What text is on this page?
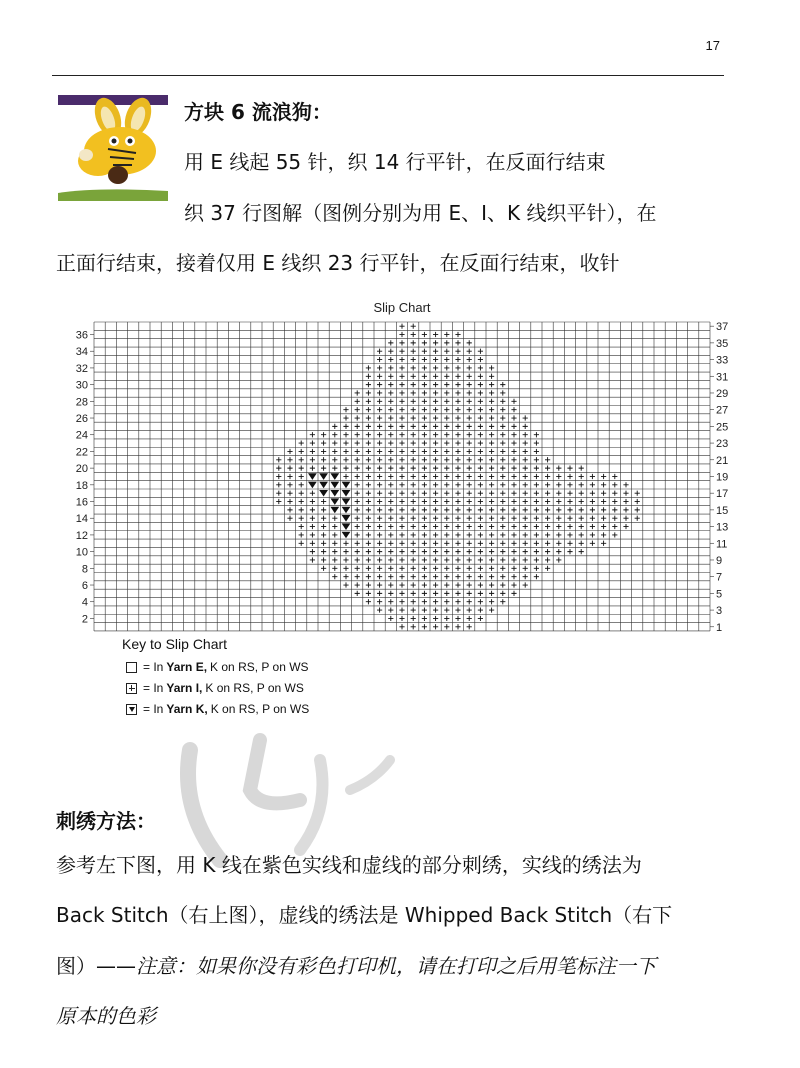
17
方块 6 流浪狗：
用 E 线起 55 针，织 14 行平针，在反面行结束
织 37 行图解（图例分别为用 E、I、K 线织平针），在
正面行结束，接着仅用 E 线织 23 行平针，在反面行结束，收针
Slip Chart
2
4
6
8
10
12
14
16
18
20
22
24
26
28
30
32
34
36
1
3
5
7
9
11
13
15
17
19
21
23
25
27
29
31
33
35
37
Key to Slip Chart
= In Yarn E, K on RS, P on WS
= In Yarn I, K on RS, P on WS
= In Yarn K, K on RS, P on WS
刺绣方法：
参考左下图，用 K 线在紫色实线和虚线的部分刺绣，实线的绣法为
Back Stitch（右上图），虚线的绣法是 Whipped Back Stitch（右下
图）——注意：如果你没有彩色打印机，请在打印之后用笔标注一下
原本的色彩
